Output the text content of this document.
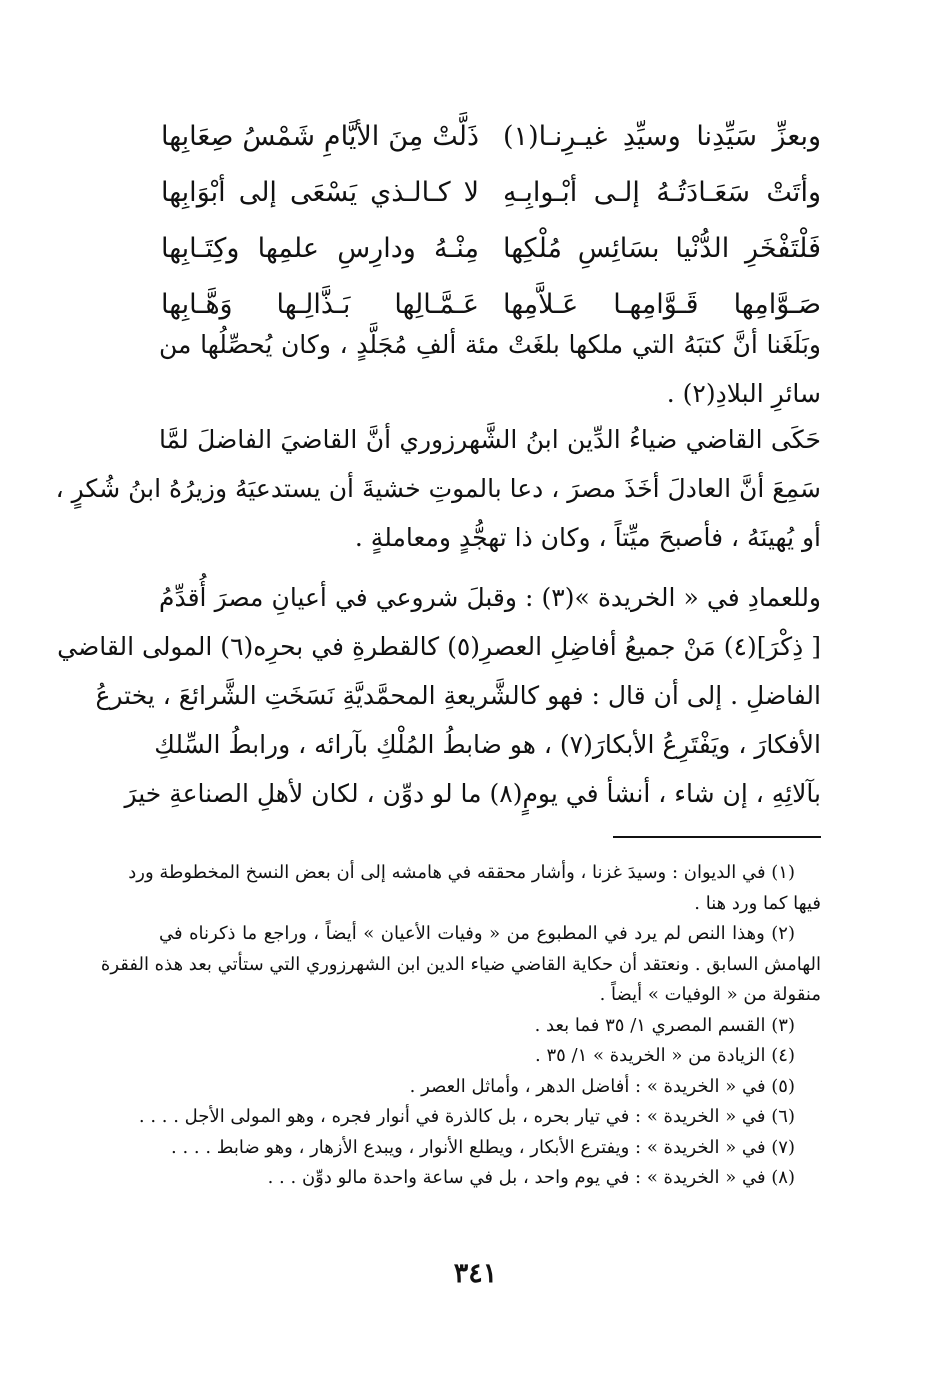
وبعزِّ سَيِّدِنا وسيِّدِ غيـرِنـا(١)
ذَلَّتْ مِنَ الأيَّامِ شَمْسُ صِعَابِها
وأتَتْ سَعَـادَتُـهُ إلـى أبْـوابِـهِ
لا كـالـذي يَسْعَى إلى أبْوَابِها
فَلْتَفْخَرِ الدُّنْيا بسَائِسِ مُلْكِها
مِنْـهُ ودارِسِ علمِها وكِتَـابِها
صَـوَّامِها قَـوَّامِهـا عَـلاَّمِها
عَـمَّـالِها بَـذَّالِـها وَهَّـابِها
وبَلَغَنا أنَّ كتبَهُ التي ملكها بلغَتْ مئة ألفِ مُجَلَّدٍ ، وكان يُحصِّلُها من
سائرِ البلادِ(٢) .
حَكَى القاضي ضياءُ الدِّين ابنُ الشَّهرزوري أنَّ القاضيَ الفاضلَ لمَّا
سَمِعَ أنَّ العادلَ أخَذَ مصرَ ، دعا بالموتِ خشيةَ أن يستدعيَهُ وزيرُهُ ابنُ شُكرٍ ،
أو يُهينَهُ ، فأصبحَ ميِّتاً ، وكان ذا تهجُّدٍ ومعاملةٍ .
وللعمادِ في « الخريدة »(٣) : وقبلَ شروعي في أعيانِ مصرَ أُقدِّمُ
[ ذِكْرَ](٤) مَنْ جميعُ أفاضِلِ العصرِ(٥) كالقطرةِ في بحرِه(٦) المولى القاضي
الفاضلِ . إلى أن قال : فهو كالشَّريعةِ المحمَّديَّةِ نَسَخَتِ الشَّرائعَ ، يخترعُ
الأفكارَ ، ويَفْتَرِعُ الأبكارَ(٧) ، هو ضابطُ المُلْكِ بآرائه ، ورابطُ السِّلكِ
بآلائِهِ ، إن شاء ، أنشأ في يومٍ(٨) ما لو دوِّن ، لكان لأهلِ الصناعةِ خيرَ
(١) في الديوان : وسيدَ غزنا ، وأشار محققه في هامشه إلى أن بعض النسخ المخطوطة ورد
فيها كما ورد هنا .
(٢) وهذا النص لم يرد في المطبوع من « وفيات الأعيان » أيضاً ، وراجع ما ذكرناه في
الهامش السابق . ونعتقد أن حكاية القاضي ضياء الدين ابن الشهرزوري التي ستأتي بعد هذه الفقرة
منقولة من « الوفيات » أيضاً .
(٣) القسم المصري ١/ ٣٥ فما بعد .
(٤) الزيادة من « الخريدة » ١/ ٣٥ .
(٥) في « الخريدة » : أفاضل الدهر ، وأماثل العصر .
(٦) في « الخريدة » : في تيار بحره ، بل كالذرة في أنوار فجره ، وهو المولى الأجل . . . .
(٧) في « الخريدة » : ويفترع الأبكار ، ويطلع الأنوار ، ويبدع الأزهار ، وهو ضابط . . . .
(٨) في « الخريدة » : في يوم واحد ، بل في ساعة واحدة مالو دوِّن . . .
٣٤١
